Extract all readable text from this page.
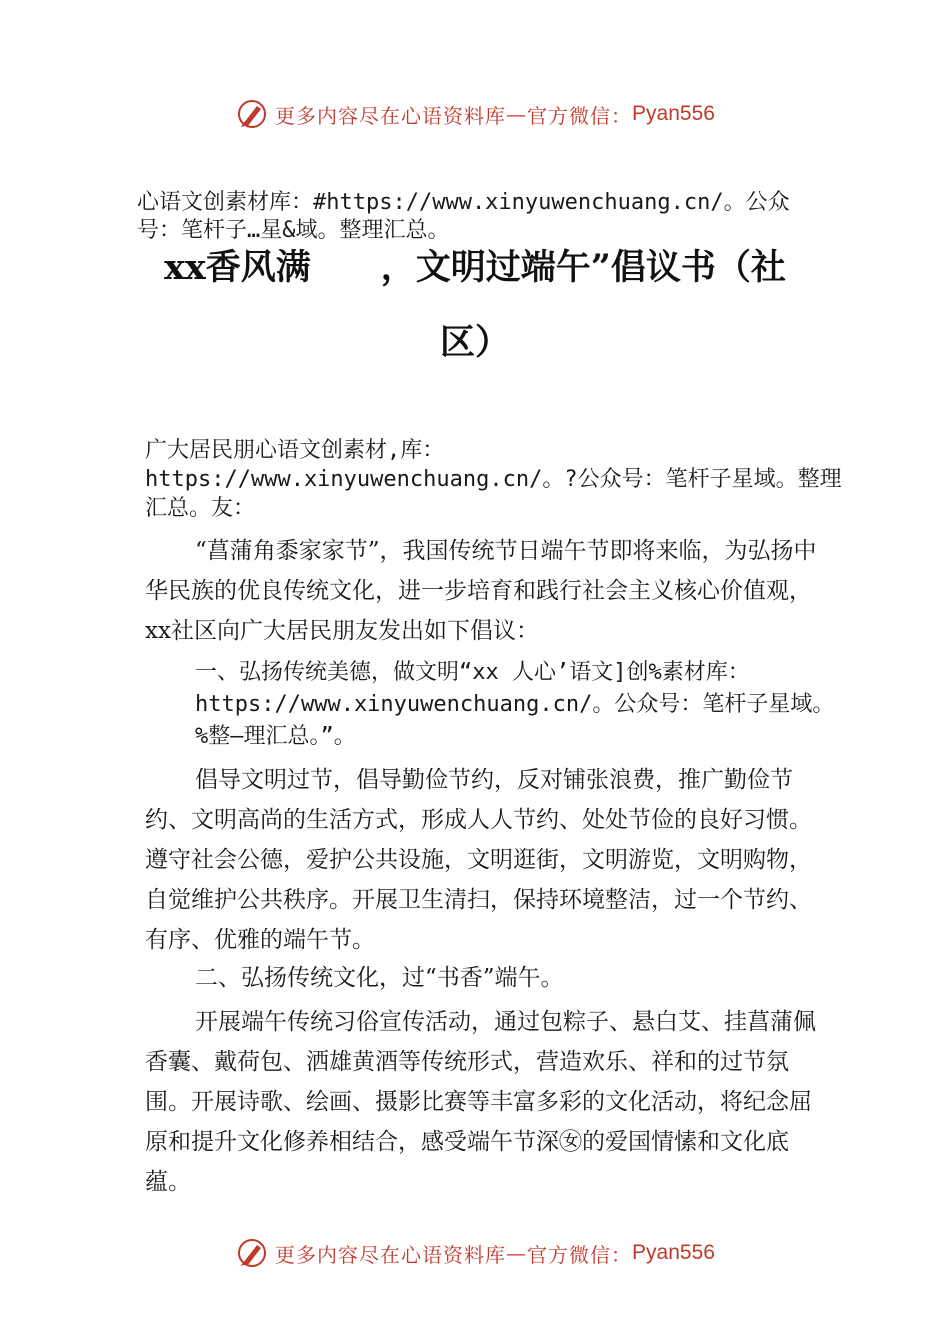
更多内容尽在心语资料库 — 官方微信： Pyan556
心语文创素材库：#https://www.xinyuwenchuang.cn/。公众号：笔杆子…星&域。整理汇总。
xx香风满　　，文明过端午”倡议书（社
区）
广大居民朋心语文创素材,库：https://www.xinyuwenchuang.cn/。?公众号：笔杆子星域。整理汇总。友：

“菖蒲角黍家家节”，我国传统节日端午节即将来临，为弘扬中华民族的优良传统文化，进一步培育和践行社会主义核心价值观，xx社区向广大居民朋友发出如下倡议：

一、弘扬传统美德，做文明“xx 人心’语文]创%素材库：https://www.xinyuwenchuang.cn/。公众号：笔杆子星域。%整—理汇总。”。

倡导文明过节，倡导勤俭节约，反对铺张浪费，推广勤俭节约、文明高尚的生活方式，形成人人节约、处处节俭的良好习惯。遵守社会公德，爱护公共设施，文明逛街，文明游览，文明购物，自觉维护公共秩序。开展卫生清扫，保持环境整洁，过一个节约、有序、优雅的端午节。

二、弘扬传统文化，过“书香”端午。

开展端午传统习俗宣传活动，通过包粽子、悬白艾、挂菖蒲佩香囊、戴荷包、洒雄黄酒等传统形式，营造欢乐、祥和的过节氛围。开展诗歌、绘画、摄影比赛等丰富多彩的文化活动，将纪念屈原和提升文化修养相结合，感受端午节深㊛的爱国情愫和文化底蕴。

更多内容尽在心语资料库 — 官方微信： Pyan556
